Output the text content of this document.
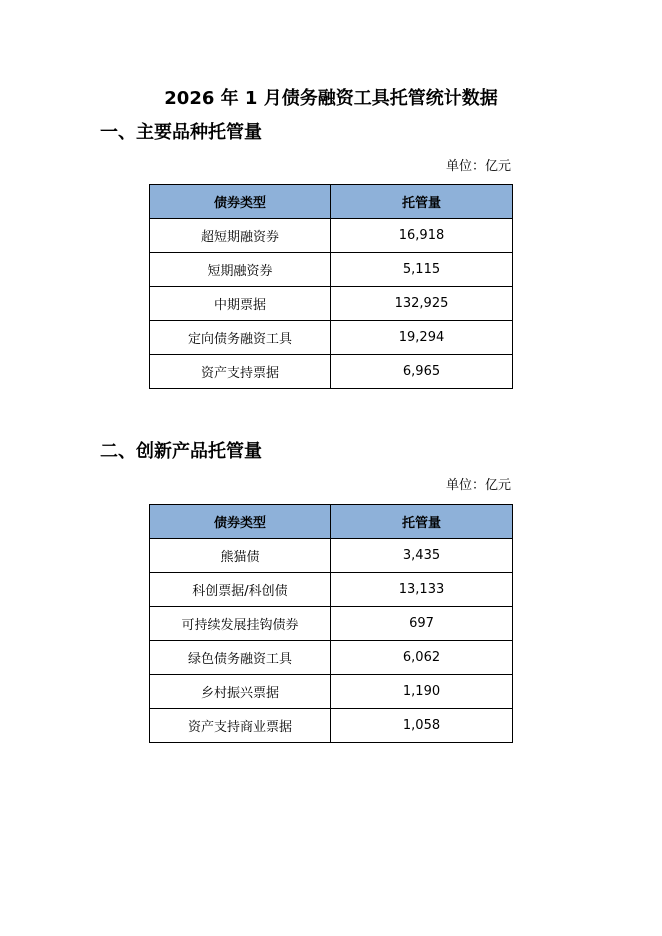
2026 年 1 月债务融资工具托管统计数据
一、主要品种托管量
单位：亿元
债券类型	托管量
超短期融资券	16,918
短期融资券	5,115
中期票据	132,925
定向债务融资工具	19,294
资产支持票据	6,965
二、创新产品托管量
单位：亿元
债券类型	托管量
熊猫债	3,435
科创票据/科创债	13,133
可持续发展挂钩债券	697
绿色债务融资工具	6,062
乡村振兴票据	1,190
资产支持商业票据	1,058
